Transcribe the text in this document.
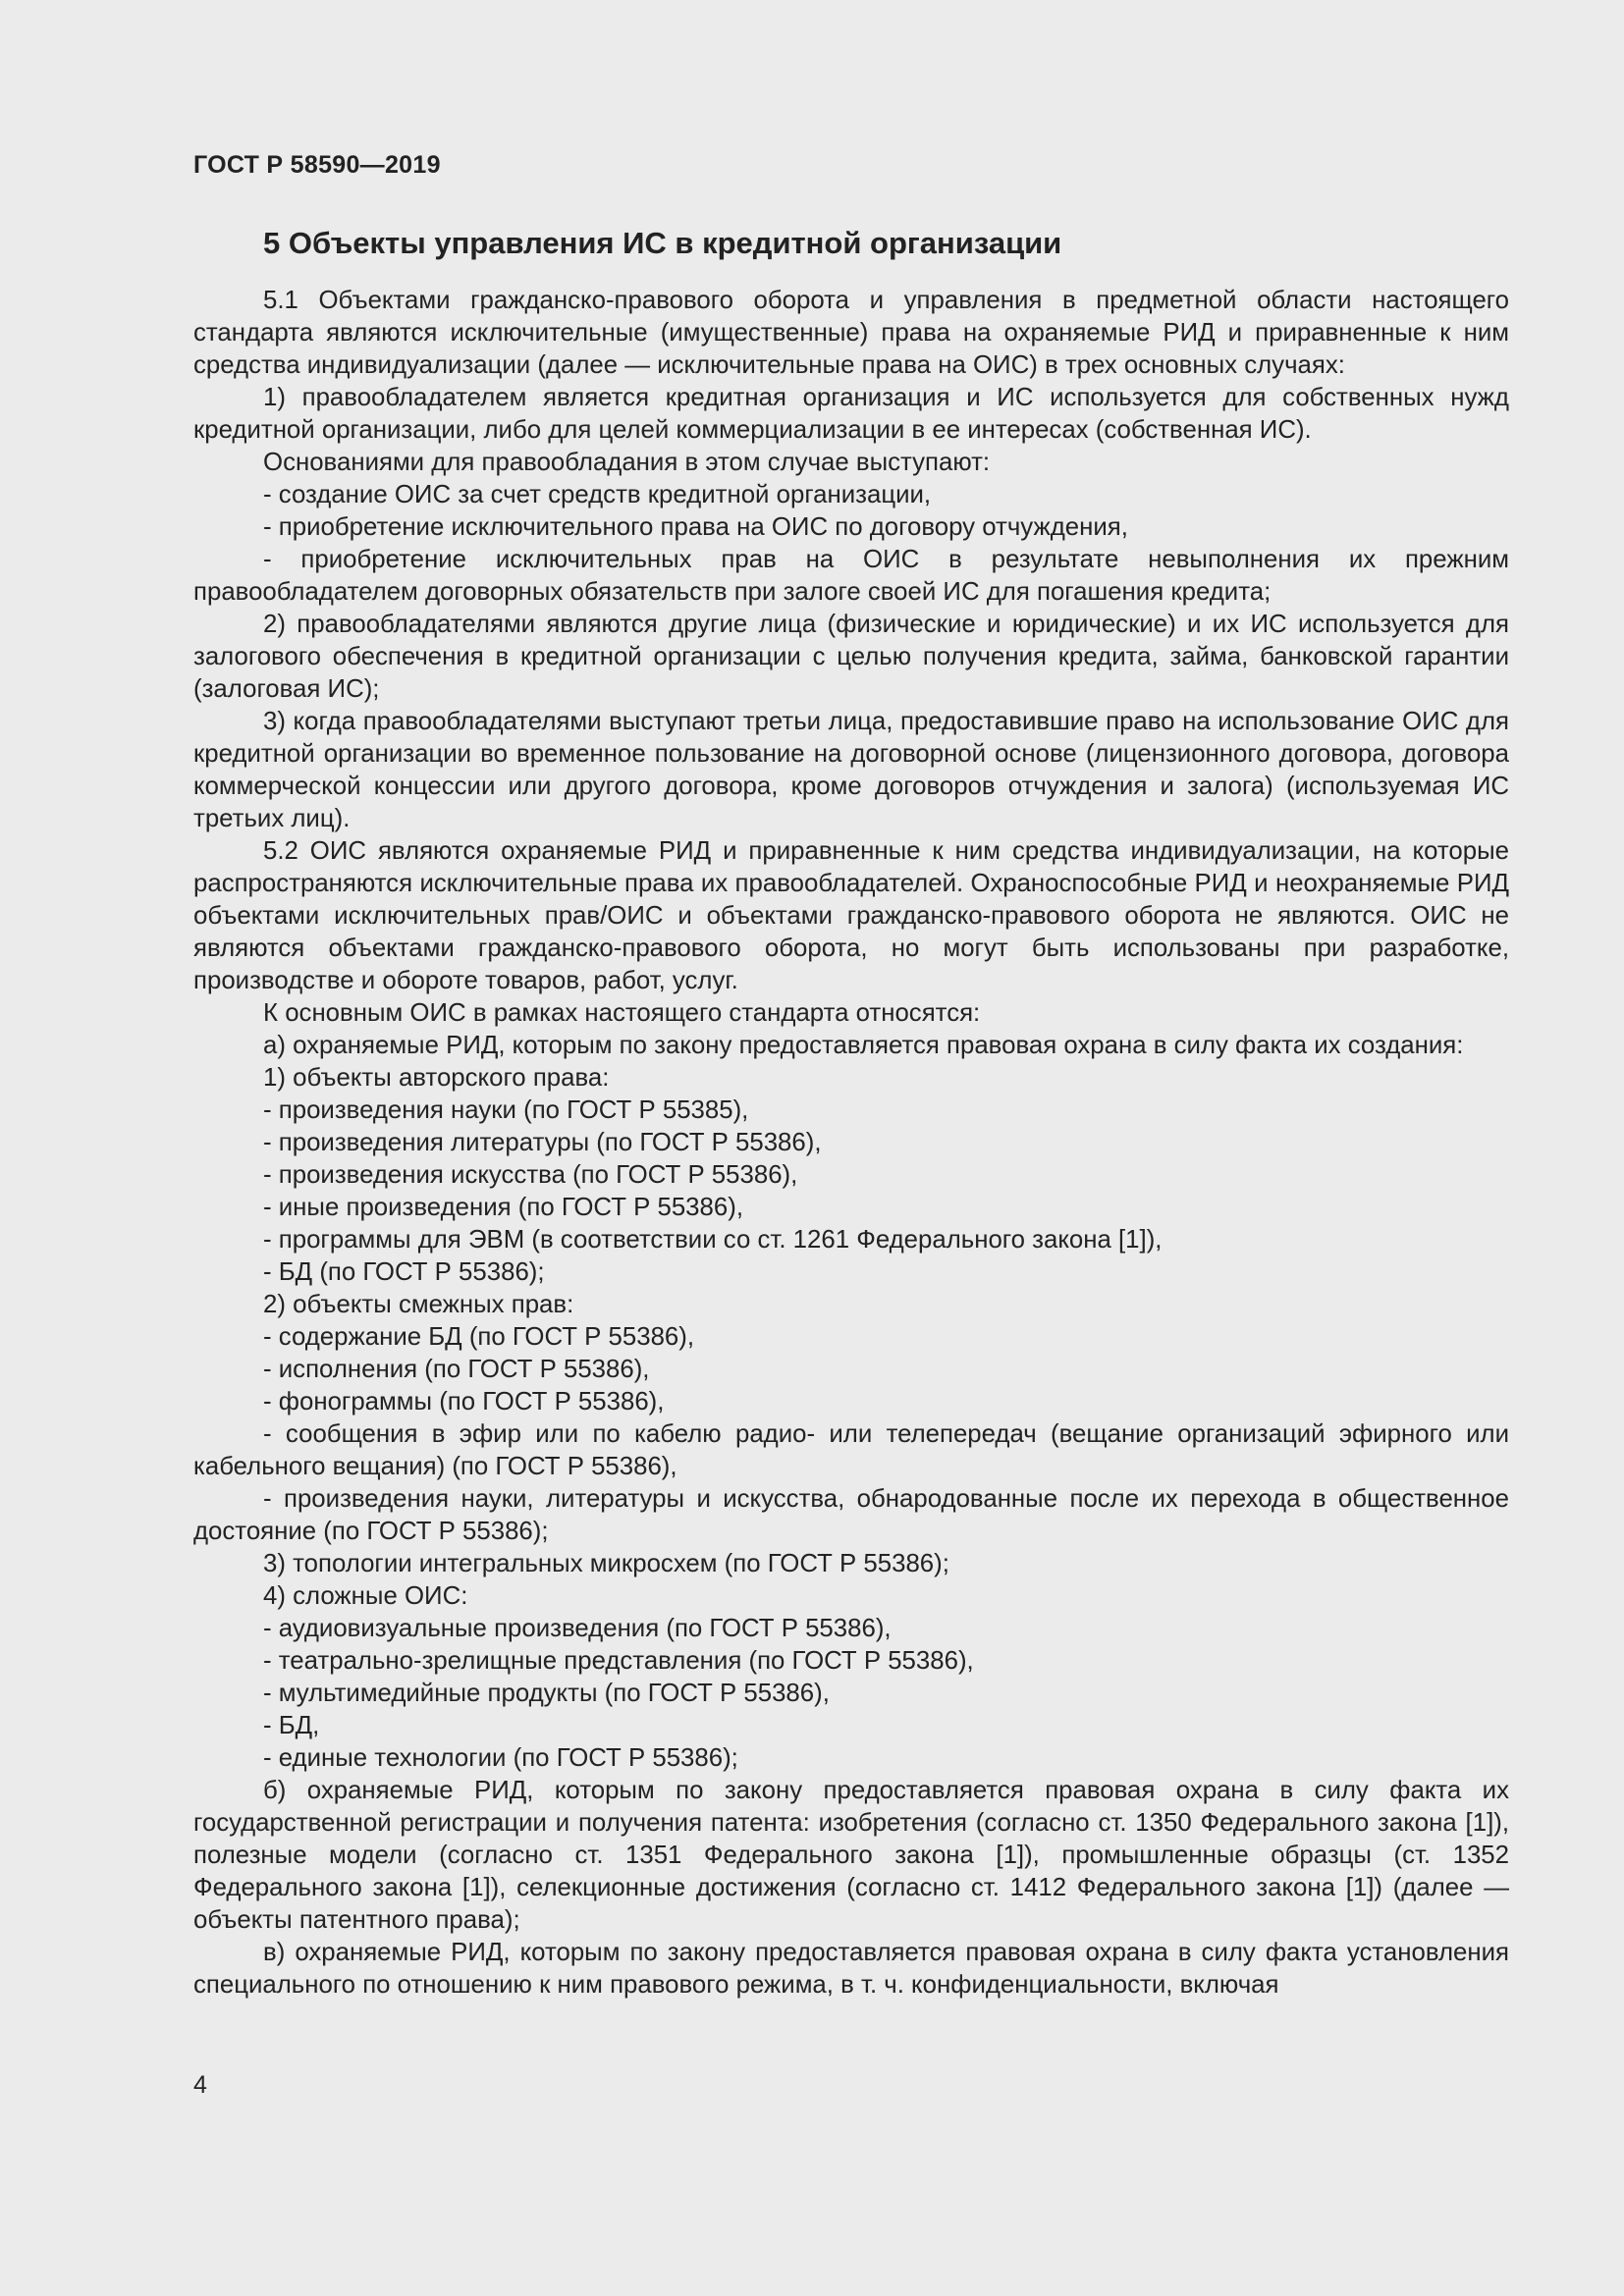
ГОСТ Р 58590—2019
5 Объекты управления ИС в кредитной организации

5.1 Объектами гражданско-правового оборота и управления в предметной области настоящего стандарта являются исключительные (имущественные) права на охраняемые РИД и приравненные к ним средства индивидуализации (далее — исключительные права на ОИС) в трех основных случаях:

1) правообладателем является кредитная организация и ИС используется для собственных нужд кредитной организации, либо для целей коммерциализации в ее интересах (собственная ИС).

Основаниями для правообладания в этом случае выступают:

- создание ОИС за счет средств кредитной организации,

- приобретение исключительного права на ОИС по договору отчуждения,

- приобретение исключительных прав на ОИС в результате невыполнения их прежним правообладателем договорных обязательств при залоге своей ИС для погашения кредита;

2) правообладателями являются другие лица (физические и юридические) и их ИС используется для залогового обеспечения в кредитной организации с целью получения кредита, займа, банковской гарантии (залоговая ИС);

3) когда правообладателями выступают третьи лица, предоставившие право на использование ОИС для кредитной организации во временное пользование на договорной основе (лицензионного договора, договора коммерческой концессии или другого договора, кроме договоров отчуждения и залога) (используемая ИС третьих лиц).

5.2 ОИС являются охраняемые РИД и приравненные к ним средства индивидуализации, на которые распространяются исключительные права их правообладателей. Охраноспособные РИД и неохраняемые РИД объектами исключительных прав/ОИС и объектами гражданско-правового оборота не являются. ОИС не являются объектами гражданско-правового оборота, но могут быть использованы при разработке, производстве и обороте товаров, работ, услуг.

К основным ОИС в рамках настоящего стандарта относятся:

а) охраняемые РИД, которым по закону предоставляется правовая охрана в силу факта их создания:

1) объекты авторского права:

- произведения науки (по ГОСТ Р 55385),

- произведения литературы (по ГОСТ Р 55386),

- произведения искусства (по ГОСТ Р 55386),

- иные произведения (по ГОСТ Р 55386),

- программы для ЭВМ (в соответствии со ст. 1261 Федерального закона [1]),

- БД (по ГОСТ Р 55386);

2) объекты смежных прав:

- содержание БД (по ГОСТ Р 55386),

- исполнения (по ГОСТ Р 55386),

- фонограммы (по ГОСТ Р 55386),

- сообщения в эфир или по кабелю радио- или телепередач (вещание организаций эфирного или кабельного вещания) (по ГОСТ Р 55386),

- произведения науки, литературы и искусства, обнародованные после их перехода в общественное достояние (по ГОСТ Р 55386);

3) топологии интегральных микросхем (по ГОСТ Р 55386);

4) сложные ОИС:

- аудиовизуальные произведения (по ГОСТ Р 55386),

- театрально-зрелищные представления (по ГОСТ Р 55386),

- мультимедийные продукты (по ГОСТ Р 55386),

- БД,

- единые технологии (по ГОСТ Р 55386);

б) охраняемые РИД, которым по закону предоставляется правовая охрана в силу факта их государственной регистрации и получения патента: изобретения (согласно ст. 1350 Федерального закона [1]), полезные модели (согласно ст. 1351 Федерального закона [1]), промышленные образцы (ст. 1352 Федерального закона [1]), селекционные достижения (согласно ст. 1412 Федерального закона [1]) (далее — объекты патентного права);

в) охраняемые РИД, которым по закону предоставляется правовая охрана в силу факта установления специального по отношению к ним правового режима, в т. ч. конфиденциальности, включая

4
